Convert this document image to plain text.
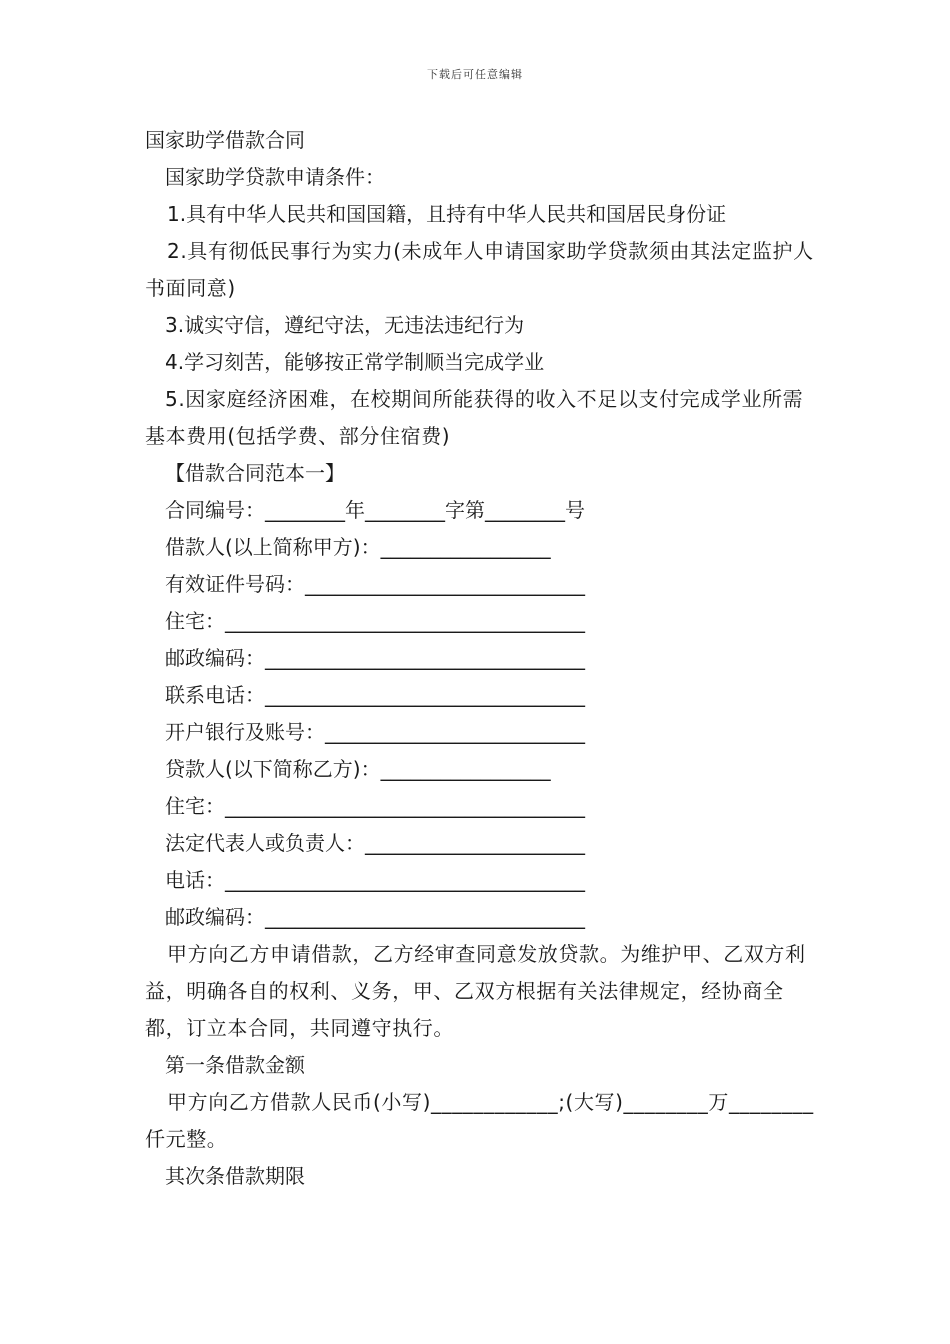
下载后可任意编辑
国家助学借款合同
国家助学贷款申请条件：
1.具有中华人民共和国国籍，且持有中华人民共和国居民身份证
2.具有彻低民事行为实力(未成年人申请国家助学贷款须由其法定监护人书面同意)
3.诚实守信，遵纪守法，无违法违纪行为
4.学习刻苦，能够按正常学制顺当完成学业
5.因家庭经济困难，在校期间所能获得的收入不足以支付完成学业所需基本费用(包括学费、部分住宿费)
【借款合同范本一】
合同编号：________年________字第________号
借款人(以上简称甲方)：_________________
有效证件号码：____________________________
住宅：____________________________________
邮政编码：________________________________
联系电话：________________________________
开户银行及账号：__________________________
贷款人(以下简称乙方)：_________________
住宅：____________________________________
法定代表人或负责人：______________________
电话：____________________________________
邮政编码：________________________________
甲方向乙方申请借款，乙方经审查同意发放贷款。为维护甲、乙双方利益，明确各自的权利、义务，甲、乙双方根据有关法律规定，经协商全都，订立本合同，共同遵守执行。
第一条借款金额
甲方向乙方借款人民币(小写)____________;(大写)________万________仟元整。
其次条借款期限
